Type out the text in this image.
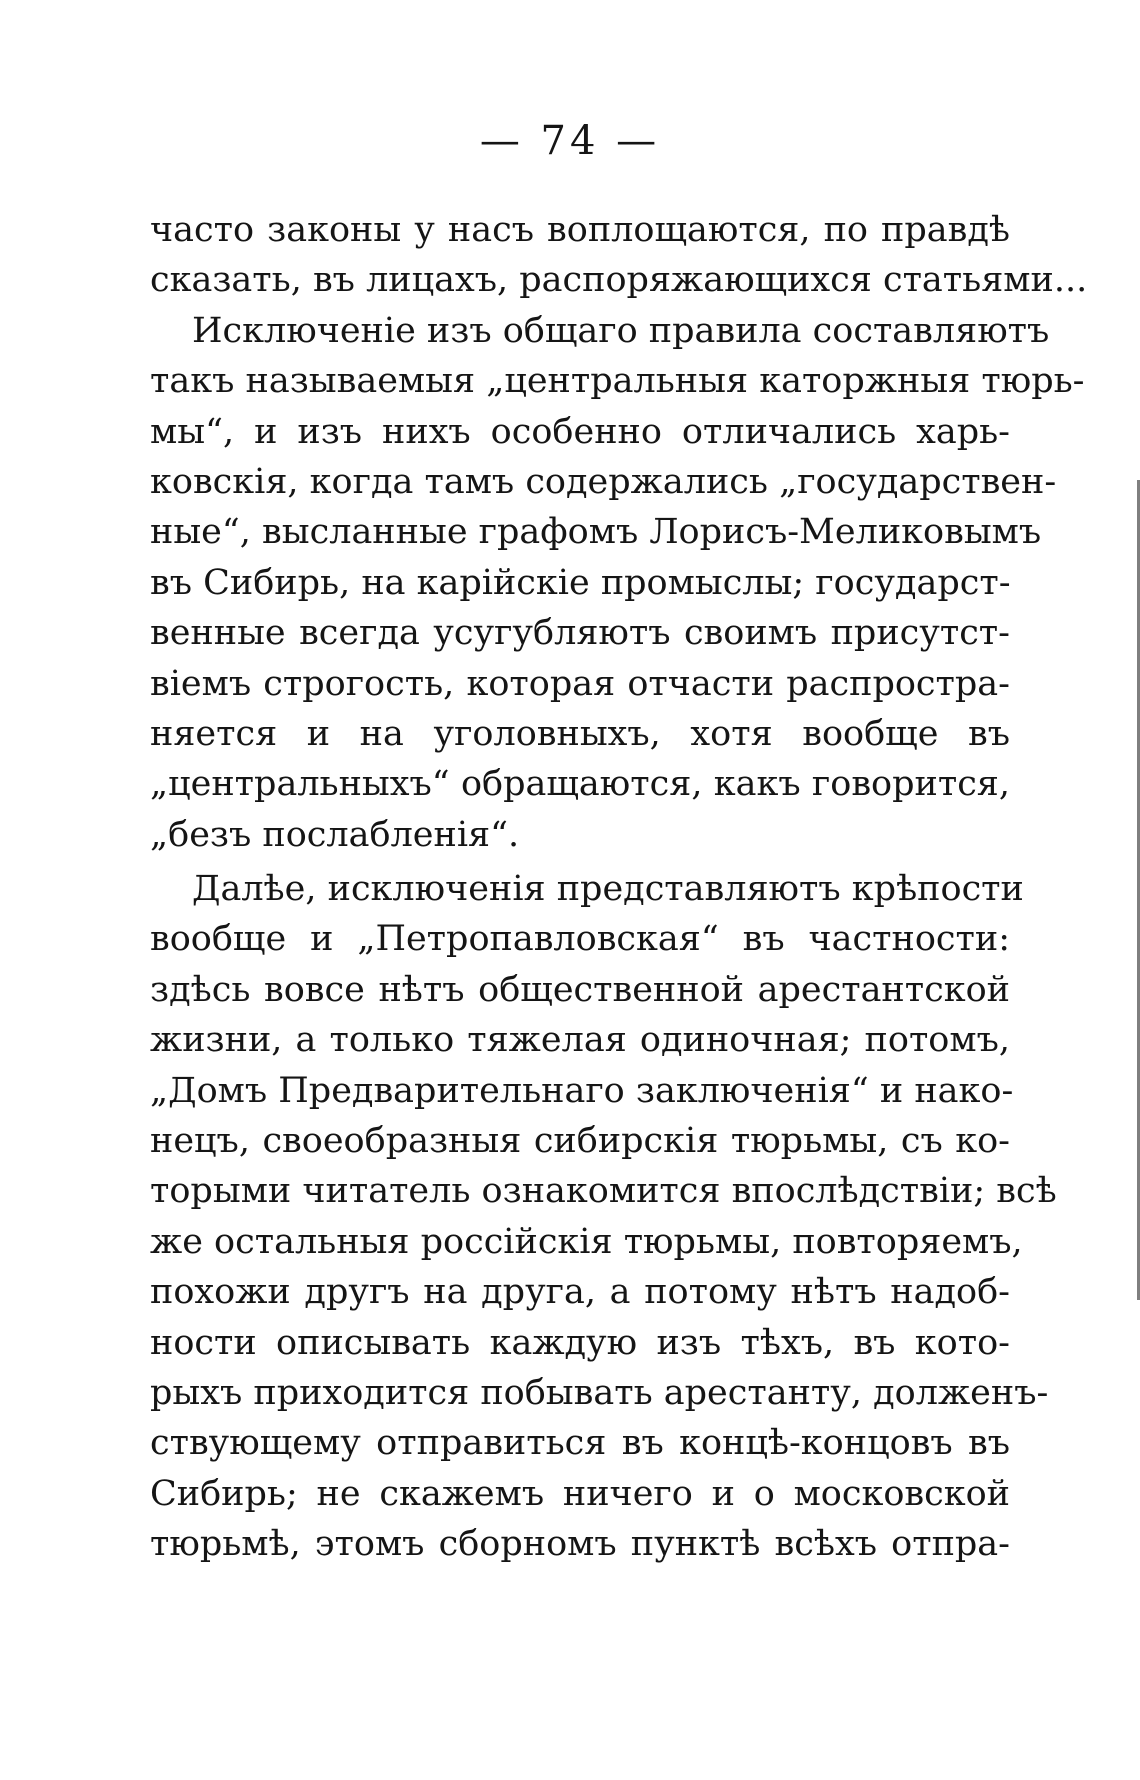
— 74 —
часто законы у насъ воплощаются, по правдѣ
сказать, въ лицахъ, распоряжающихся статьями...
Исключеніе изъ общаго правила составляютъ
такъ называемыя „центральныя каторжныя тюрь-
мы“, и изъ нихъ особенно отличались харь-
ковскія, когда тамъ содержались „государствен-
ные“, высланные графомъ Лорисъ-Меликовымъ
въ Сибирь, на карійскіе промыслы; государст-
венные всегда усугубляютъ своимъ присутст-
віемъ строгость, которая отчасти распростра-
няется и на уголовныхъ, хотя вообще въ
„центральныхъ“ обращаются, какъ говорится,
„безъ послабленія“.
Далѣе, исключенія представляютъ крѣпости
вообще и „Петропавловская“ въ частности:
здѣсь вовсе нѣтъ общественной арестантской
жизни, а только тяжелая одиночная; потомъ,
„Домъ Предварительнаго заключенія“ и нако-
нецъ, своеобразныя сибирскія тюрьмы, съ ко-
торыми читатель ознакомится впослѣдствіи; всѣ
же остальныя россійскія тюрьмы, повторяемъ,
похожи другъ на друга, а потому нѣтъ надоб-
ности описывать каждую изъ тѣхъ, въ кото-
рыхъ приходится побывать арестанту, долженъ-
ствующему отправиться въ концѣ-концовъ въ
Сибирь; не скажемъ ничего и о московской
тюрьмѣ, этомъ сборномъ пунктѣ всѣхъ отпра-
